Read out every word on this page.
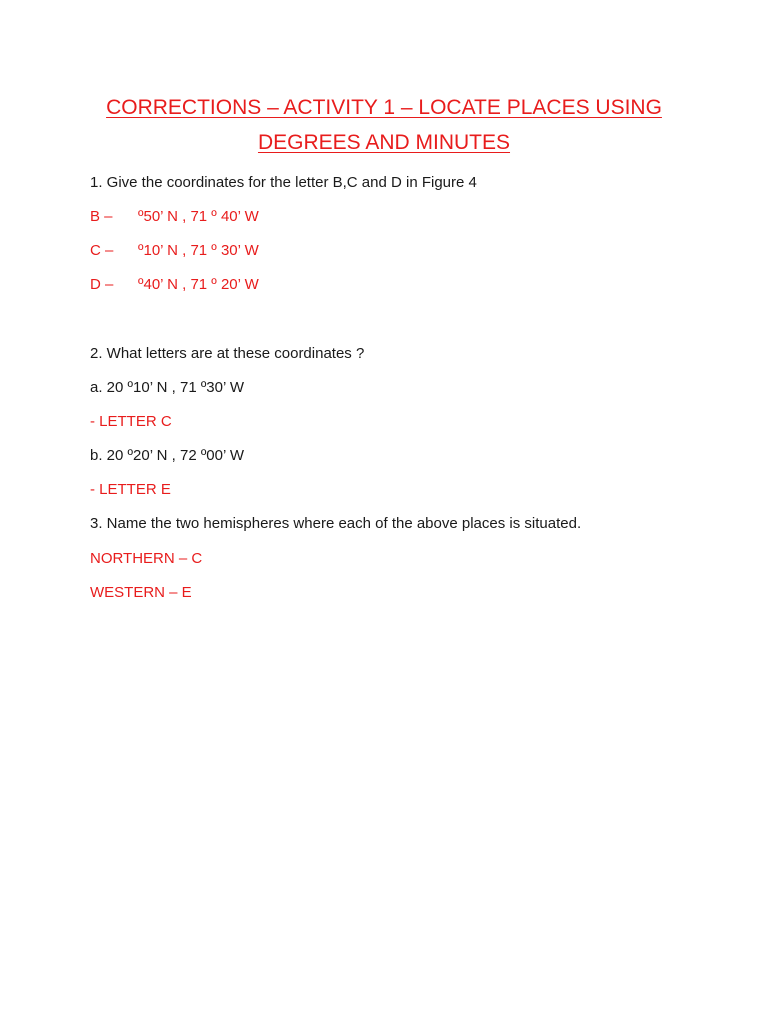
CORRECTIONS – ACTIVITY 1 – LOCATE PLACES USING
DEGREES AND MINUTES

1. Give the coordinates for the letter B,C and D in Figure 4

B – º50’ N , 71 º 40’ W

C – º10’ N , 71 º 30’ W

D – º40’ N , 71 º 20’ W

2. What letters are at these coordinates ?

a. 20 º10’ N , 71 º30’ W

- LETTER C

b. 20 º20’ N , 72 º00’ W

- LETTER E

3. Name the two hemispheres where each of the above places is situated.

NORTHERN – C

WESTERN – E
